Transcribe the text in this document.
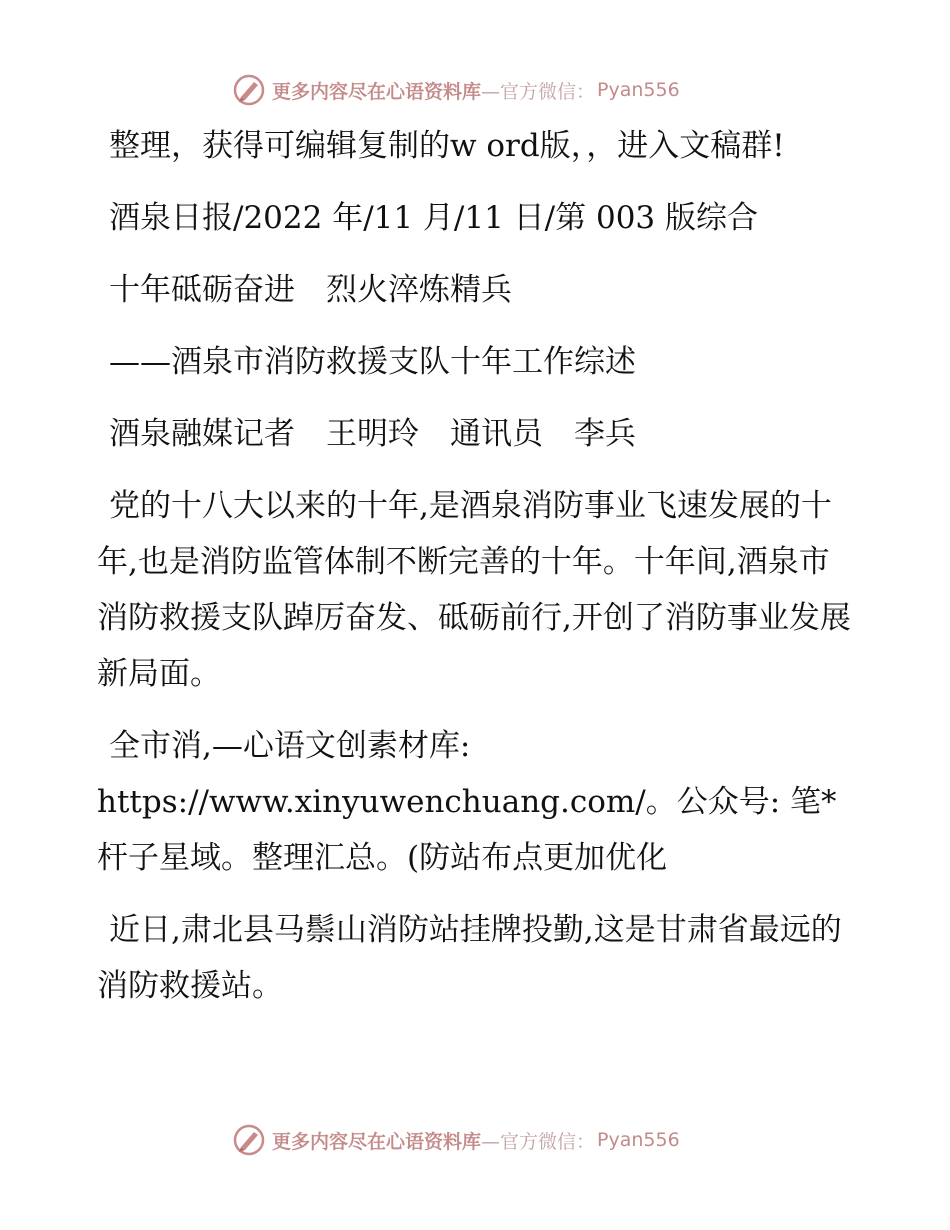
更多内容尽在心语资料库 —官方微信： Pyan556

整理，获得可编辑复制的w ord版，，进入文稿群!

酒泉日报/2022 年/11 月/11 日/第 003 版综合

十年砥砺奋进　烈火淬炼精兵

——酒泉市消防救援支队十年工作综述

酒泉融媒记者　王明玲　通讯员　李兵

党的十八大以来的十年,是酒泉消防事业飞速发展的十年,也是消防监管体制不断完善的十年。十年间,酒泉市消防救援支队踔厉奋发、砥砺前行,开创了消防事业发展新局面。

全市消,—心语文创素材库: https://www.xinyuwenchuang.com/。公众号: 笔*杆子星域。整理汇总。(防站布点更加优化

近日,肃北县马鬃山消防站挂牌投勤,这是甘肃省最远的消防救援站。

更多内容尽在心语资料库 —官方微信： Pyan556
